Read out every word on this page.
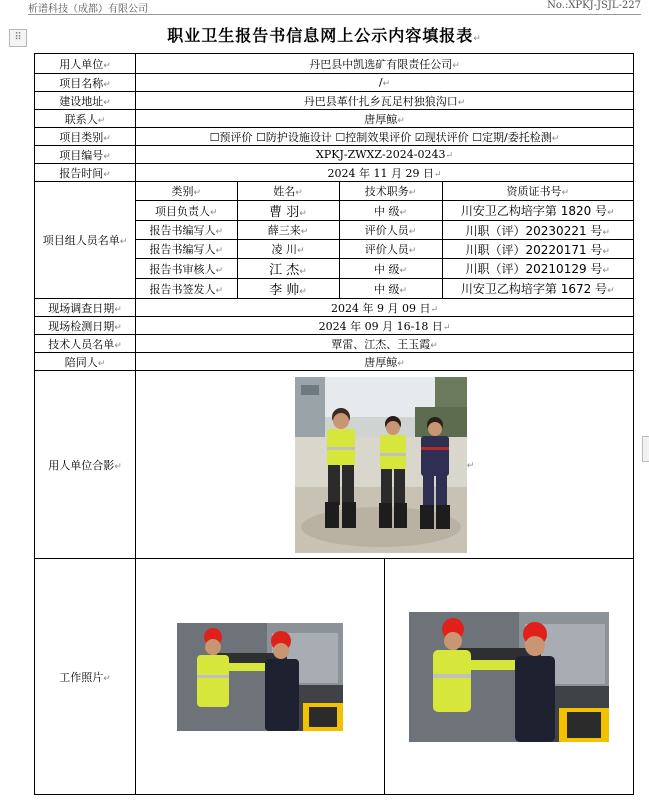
析谱科技（成都）有限公司	No.:XPKJ-JSJL-227
⠿	职业卫生报告书信息网上公示内容填报表↵
用人单位↵	丹巴县中凯选矿有限责任公司↵
项目名称↵	/↵
建设地址↵	丹巴县革什扎乡瓦足村独狼沟口↵
联系人↵	唐厚鲸↵
项目类别↵	☐预评价 ☐防护设施设计 ☐控制效果评价 ☑现状评价 ☐定期/委托检测↵
项目编号↵	XPKJ-ZWXZ-2024-0243↵
报告时间↵	2024 年 11 月 29 日↵
项目组人员名单↵	
类别↵	姓名↵	技术职务↵	资质证书号↵
项目负责人↵	曹 羽↵	中 级↵	川安卫乙构培字第 1820 号↵
报告书编写人↵	薛三来↵	评价人员↵	川职（评）20230221 号↵
报告书编写人↵	凌 川↵	评价人员↵	川职（评）20220171 号↵
报告书审核人↵	江 杰↵	中 级↵	川职（评）20210129 号↵
报告书签发人↵	李 帅↵	中 级↵	川安卫乙构培字第 1672 号↵

现场调查日期↵	2024 年 9 月 09 日↵
现场检测日期↵	2024 年 09 月 16-18 日↵
技术人员名单↵	覃雷、江杰、王玉霞↵
陪同人↵	唐厚鲸↵
用人单位合影↵	↵
工作照片↵	
